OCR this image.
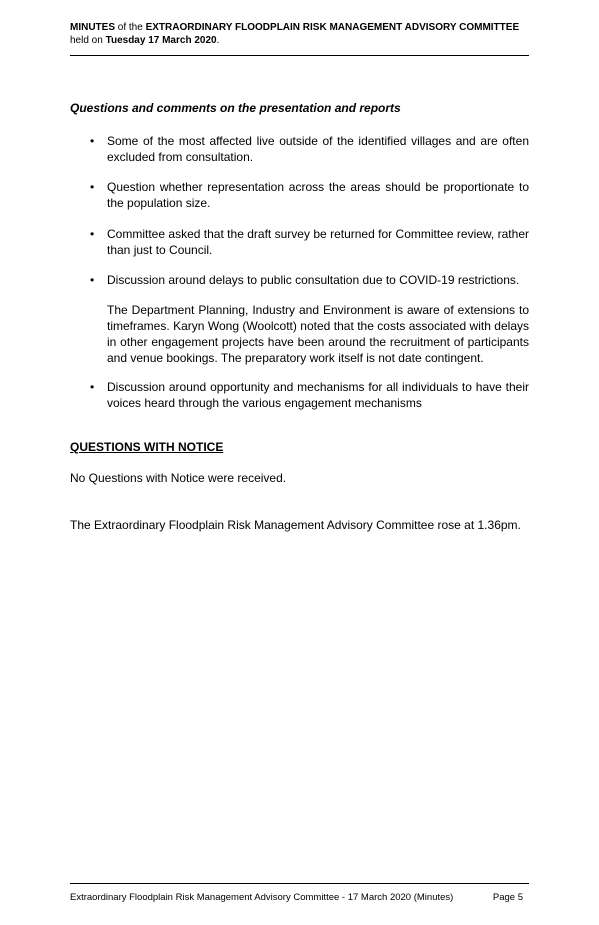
MINUTES of the EXTRAORDINARY FLOODPLAIN RISK MANAGEMENT ADVISORY COMMITTEE
held on Tuesday 17 March 2020.
Questions and comments on the presentation and reports
•	Some of the most affected live outside of the identified villages and are often excluded from consultation.
•	Question whether representation across the areas should be proportionate to the population size.
•	Committee asked that the draft survey be returned for Committee review, rather than just to Council.
•	Discussion around delays to public consultation due to COVID-19 restrictions.
•	Discussion around opportunity and mechanisms for all individuals to have their voices heard through the various engagement mechanisms
The Department Planning, Industry and Environment is aware of extensions to timeframes. Karyn Wong (Woolcott) noted that the costs associated with delays in other engagement projects have been around the recruitment of participants and venue bookings. The preparatory work itself is not date contingent.
QUESTIONS WITH NOTICE
No Questions with Notice were received.
The Extraordinary Floodplain Risk Management Advisory Committee rose at 1.36pm.
Extraordinary Floodplain Risk Management Advisory Committee - 17 March 2020 (Minutes)	Page 5
